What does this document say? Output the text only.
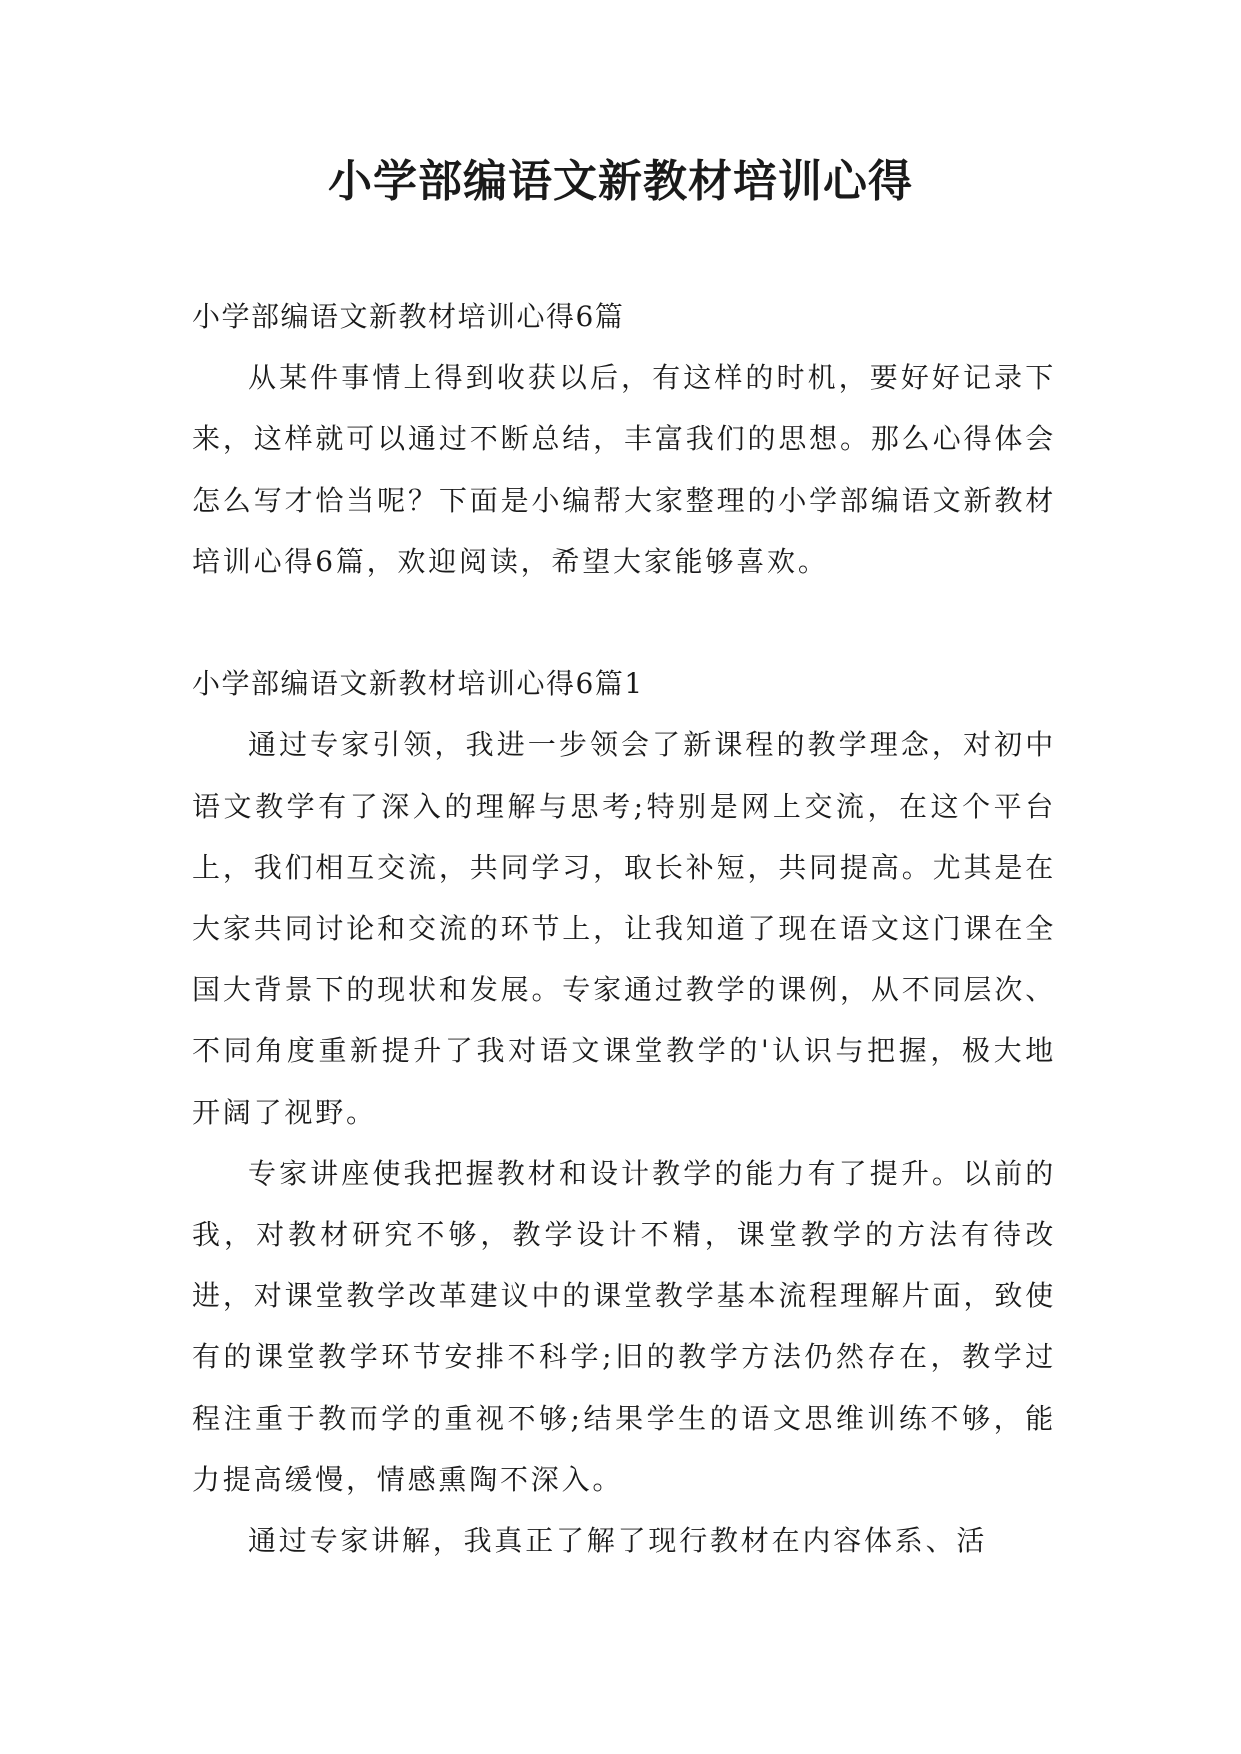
小学部编语文新教材培训心得

小学部编语文新教材培训心得6篇

从某件事情上得到收获以后，有这样的时机，要好好记录下来，这样就可以通过不断总结，丰富我们的思想。那么心得体会怎么写才恰当呢？下面是小编帮大家整理的小学部编语文新教材培训心得6篇，欢迎阅读，希望大家能够喜欢。

小学部编语文新教材培训心得6篇1

通过专家引领，我进一步领会了新课程的教学理念，对初中语文教学有了深入的理解与思考;特别是网上交流，在这个平台上，我们相互交流，共同学习，取长补短，共同提高。尤其是在大家共同讨论和交流的环节上，让我知道了现在语文这门课在全国大背景下的现状和发展。专家通过教学的课例，从不同层次、不同角度重新提升了我对语文课堂教学的'认识与把握，极大地开阔了视野。

专家讲座使我把握教材和设计教学的能力有了提升。以前的我，对教材研究不够，教学设计不精，课堂教学的方法有待改进，对课堂教学改革建议中的课堂教学基本流程理解片面，致使有的课堂教学环节安排不科学;旧的教学方法仍然存在，教学过程注重于教而学的重视不够;结果学生的语文思维训练不够，能力提高缓慢，情感熏陶不深入。

通过专家讲解，我真正了解了现行教材在内容体系、活
